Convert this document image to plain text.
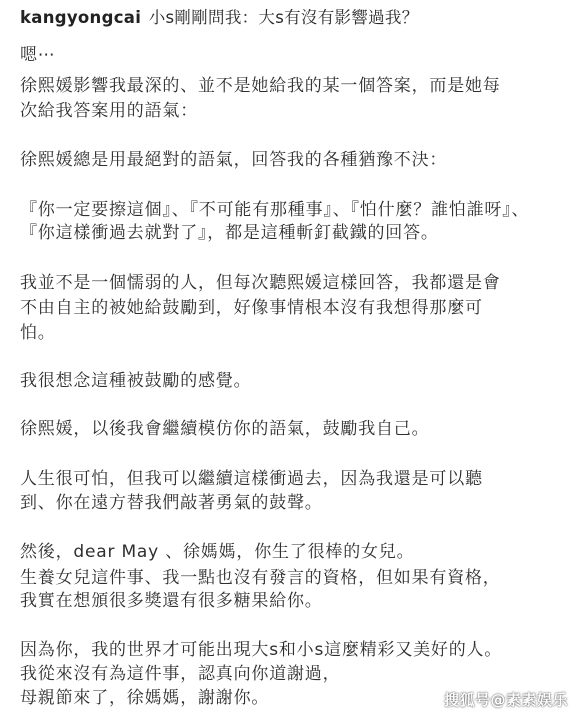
kangyongcai 小s剛剛問我：大s有沒有影響過我？
嗯⋯
徐熙媛影響我最深的、並不是她給我的某一個答案，而是她每
次給我答案用的語氣：
徐熙媛總是用最絕對的語氣，回答我的各種猶豫不決：
『你一定要擦這個』、『不可能有那種事』、『怕什麼？誰怕誰呀』、
『你這樣衝過去就對了』，都是這種斬釘截鐵的回答。
我並不是一個懦弱的人，但每次聽熙媛這樣回答，我都還是會
不由自主的被她給鼓勵到，好像事情根本沒有我想得那麼可
怕。
我很想念這種被鼓勵的感覺。
徐熙媛，以後我會繼續模仿你的語氣，鼓勵我自己。
人生很可怕，但我可以繼續這樣衝過去，因為我還是可以聽
到、你在遠方替我們敲著勇氣的鼓聲。
然後，dear May 、徐媽媽，你生了很棒的女兒。
生養女兒這件事、我一點也沒有發言的資格，但如果有資格，
我實在想頒很多獎還有很多糖果給你。
因為你，我的世界才可能出現大s和小s這麼精彩又美好的人。
我從來沒有為這件事，認真向你道謝過，
母親節來了，徐媽媽，謝謝你。	搜狐号@素素娱乐
